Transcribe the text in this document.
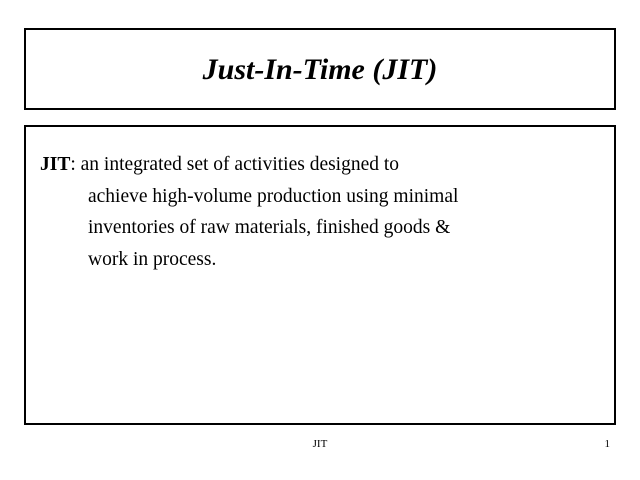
Just-In-Time (JIT)
JIT: an integrated set of activities designed to
achieve high-volume production using minimal
inventories of raw materials, finished goods &
work in process.
JIT	1
